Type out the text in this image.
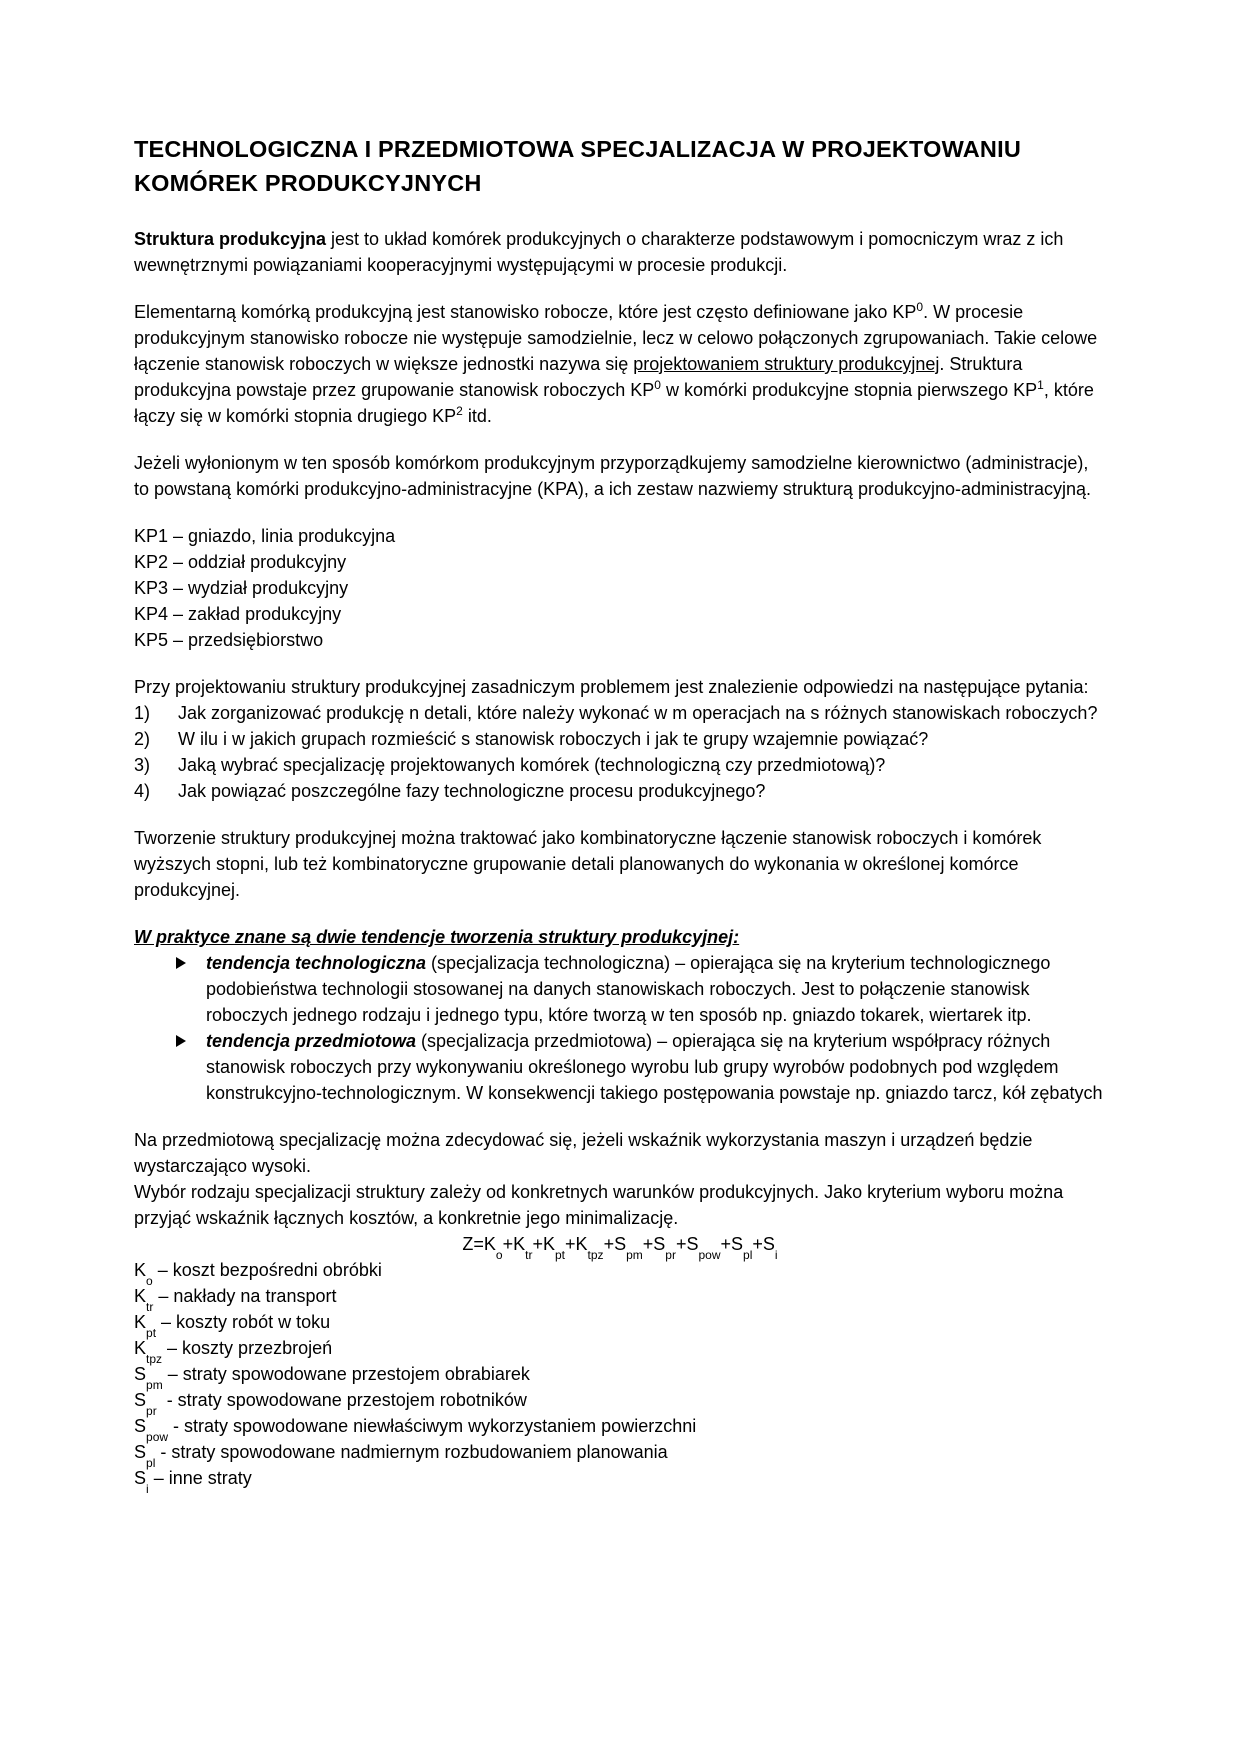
TECHNOLOGICZNA I PRZEDMIOTOWA SPECJALIZACJA W PROJEKTOWANIU KOMÓREK PRODUKCYJNYCH
Struktura produkcyjna jest to układ komórek produkcyjnych o charakterze podstawowym i pomocniczym wraz z ich wewnętrznymi powiązaniami kooperacyjnymi występującymi w procesie produkcji.
Elementarną komórką produkcyjną jest stanowisko robocze, które jest często definiowane jako $KP^0$. W procesie produkcyjnym stanowisko robocze nie występuje samodzielnie, lecz w celowo połączonych zgrupowaniach. Takie celowe łączenie stanowisk roboczych w większe jednostki nazywa się projektowaniem struktury produkcyjnej. Struktura produkcyjna powstaje przez grupowanie stanowisk roboczych $KP^0$ w komórki produkcyjne stopnia pierwszego $KP^1$, które łączy się w komórki stopnia drugiego $KP^2$ itd.
Jeżeli wyłonionym w ten sposób komórkom produkcyjnym przyporządkujemy samodzielne kierownictwo (administracje), to powstaną komórki produkcyjno-administracyjne (KPA), a ich zestaw nazwiemy strukturą produkcyjno-administracyjną.
KP1 – gniazdo, linia produkcyjna
KP2 – oddział produkcyjny
KP3 – wydział produkcyjny
KP4 – zakład produkcyjny
KP5 – przedsiębiorstwo
Przy projektowaniu struktury produkcyjnej zasadniczym problemem jest znalezienie odpowiedzi na następujące pytania:
1)	Jak zorganizować produkcję n detali, które należy wykonać w m operacjach na s różnych stanowiskach roboczych?
2)	W ilu i w jakich grupach rozmieścić s stanowisk roboczych i jak te grupy wzajemnie powiązać?
3)	Jaką wybrać specjalizację projektowanych komórek (technologiczną czy przedmiotową)?
4)	Jak powiązać poszczególne fazy technologiczne procesu produkcyjnego?
Tworzenie struktury produkcyjnej można traktować jako kombinatoryczne łączenie stanowisk roboczych i komórek wyższych stopni, lub też kombinatoryczne grupowanie detali planowanych do wykonania w określonej komórce produkcyjnej.
W praktyce znane są dwie tendencje tworzenia struktury produkcyjnej:
tendencja technologiczna (specjalizacja technologiczna) – opierająca się na kryterium technologicznego podobieństwa technologii stosowanej na danych stanowiskach roboczych. Jest to połączenie stanowisk roboczych jednego rodzaju i jednego typu, które tworzą w ten sposób np. gniazdo tokarek, wiertarek itp.
tendencja przedmiotowa (specjalizacja przedmiotowa) – opierająca się na kryterium współpracy różnych stanowisk roboczych przy wykonywaniu określonego wyrobu lub grupy wyrobów podobnych pod względem konstrukcyjno-technologicznym. W konsekwencji takiego postępowania powstaje np. gniazdo tarcz, kół zębatych
Na przedmiotową specjalizację można zdecydować się, jeżeli wskaźnik wykorzystania maszyn i urządzeń będzie wystarczająco wysoki.
Wybór rodzaju specjalizacji struktury zależy od konkretnych warunków produkcyjnych. Jako kryterium wyboru można przyjąć wskaźnik łącznych kosztów, a konkretnie jego minimalizację.
$Z=K_o+K_{tr}+K_{pt}+K_{tpz}+S_{pm}+S_{pr}+S_{pow}+S_{pl}+S_i$
$K_o$ – koszt bezpośredni obróbki
$K_{tr}$ – nakłady na transport
$K_{pt}$ – koszty robót w toku
$K_{tpz}$ – koszty przezbrojeń
$S_{pm}$ – straty spowodowane przestojem obrabiarek
$S_{pr}$  - straty spowodowane przestojem robotników
$S_{pow}$ - straty spowodowane niewłaściwym wykorzystaniem powierzchni
$S_{pl}$ - straty spowodowane nadmiernym rozbudowaniem planowania
$S_i$ – inne straty
